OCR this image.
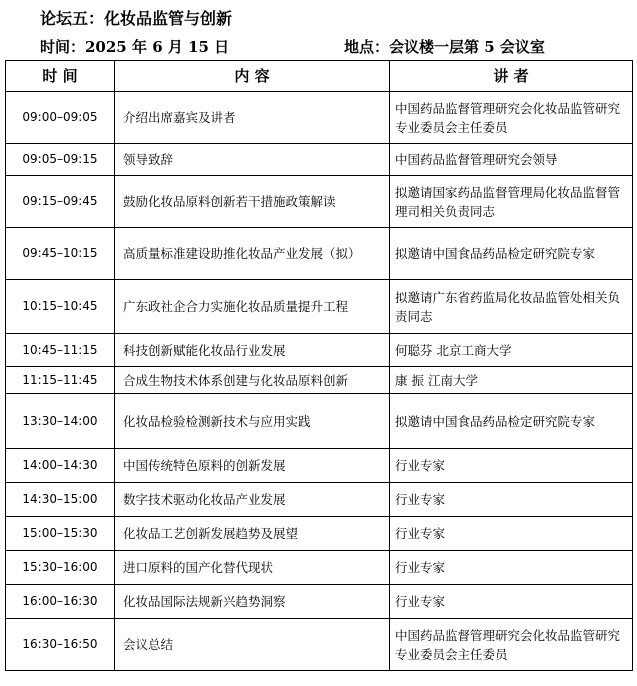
论坛五：化妆品监管与创新
时间：2025 年 6 月 15 日	地点：会议楼一层第 5 会议室
时 间	内 容	讲 者
09:00–09:05	介绍出席嘉宾及讲者	中国药品监督管理研究会化妆品监管研究专业委员会主任委员
09:05–09:15	领导致辞	中国药品监督管理研究会领导
09:15–09:45	鼓励化妆品原料创新若干措施政策解读	拟邀请国家药品监督管理局化妆品监督管理司相关负责同志
09:45–10:15	高质量标准建设助推化妆品产业发展（拟）	拟邀请中国食品药品检定研究院专家
10:15–10:45	广东政社企合力实施化妆品质量提升工程	拟邀请广东省药监局化妆品监管处相关负责同志
10:45–11:15	科技创新赋能化妆品行业发展	何聪芬 北京工商大学
11:15–11:45	合成生物技术体系创建与化妆品原料创新	康 振 江南大学
13:30–14:00	化妆品检验检测新技术与应用实践	拟邀请中国食品药品检定研究院专家
14:00–14:30	中国传统特色原料的创新发展	行业专家
14:30–15:00	数字技术驱动化妆品产业发展	行业专家
15:00–15:30	化妆品工艺创新发展趋势及展望	行业专家
15:30–16:00	进口原料的国产化替代现状	行业专家
16:00–16:30	化妆品国际法规新兴趋势洞察	行业专家
16:30–16:50	会议总结	中国药品监督管理研究会化妆品监管研究专业委员会主任委员
